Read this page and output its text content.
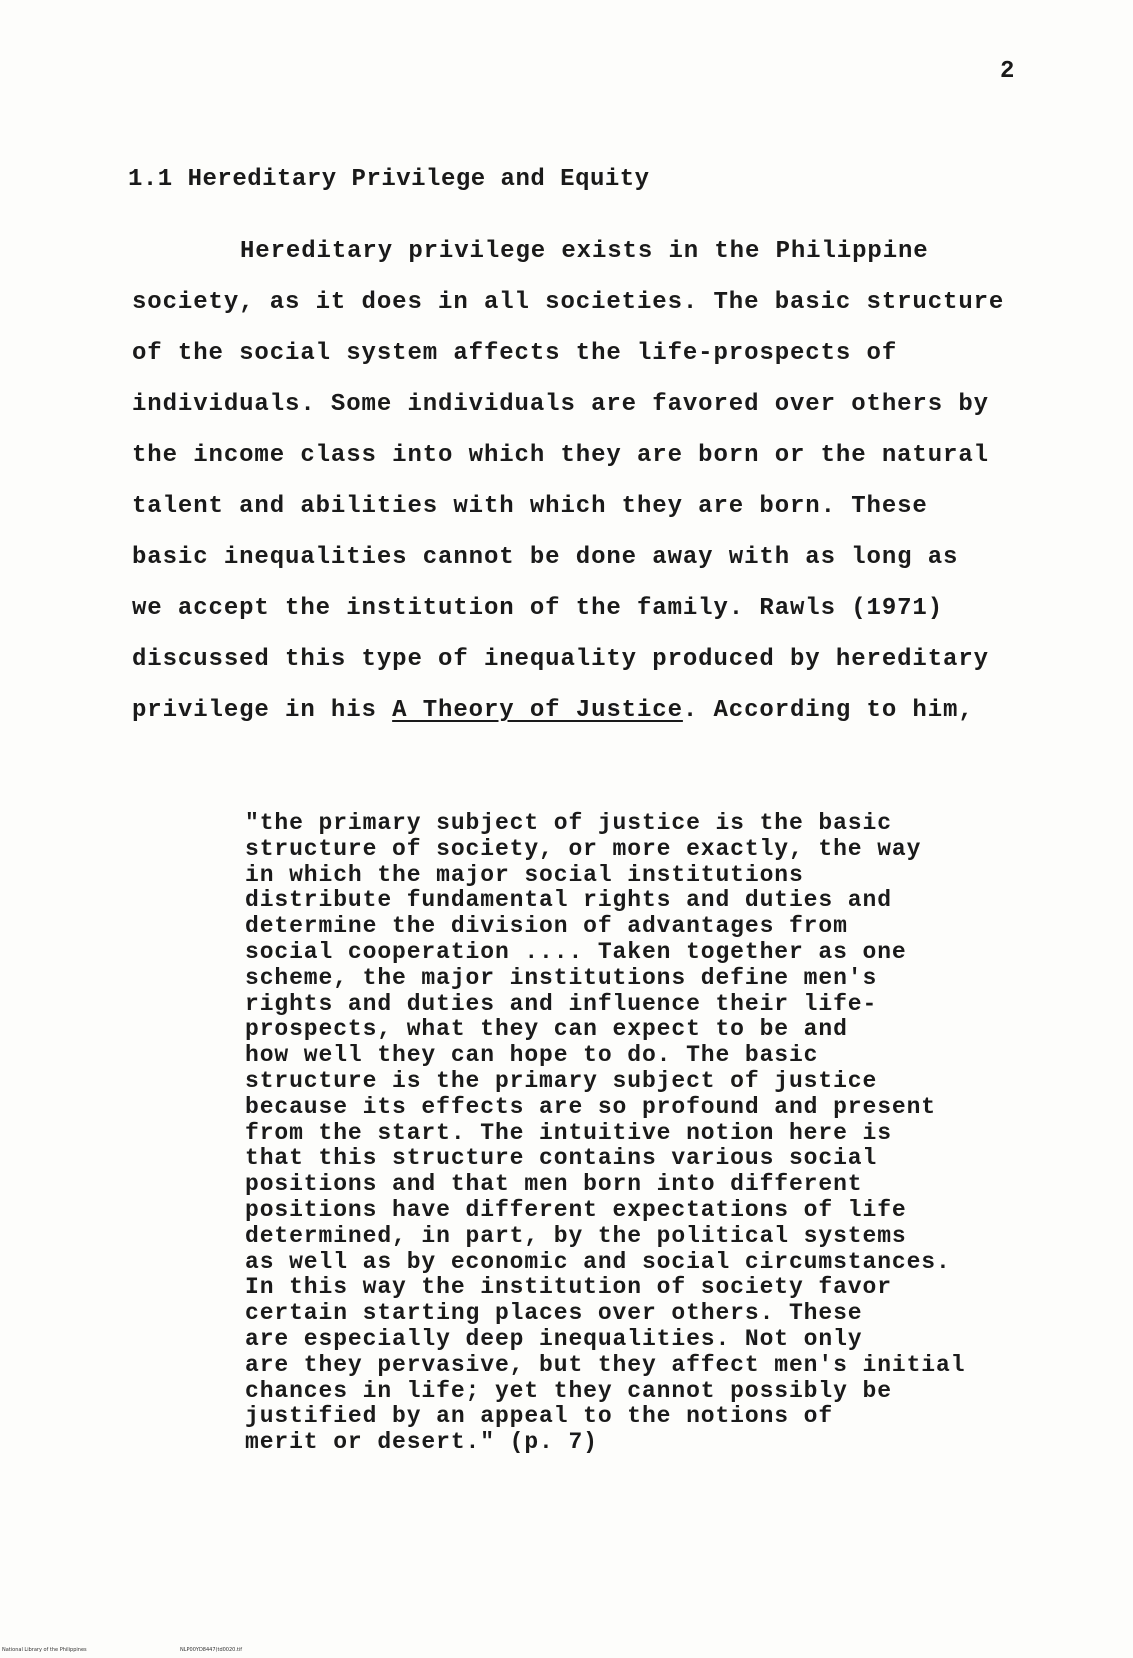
2
1.1 Hereditary Privilege and Equity
Hereditary privilege exists in the Philippine
society, as it does in all societies. The basic structure
of the social system affects the life-prospects of
individuals. Some individuals are favored over others by
the income class into which they are born or the natural
talent and abilities with which they are born. These
basic inequalities cannot be done away with as long as
we accept the institution of the family. Rawls (1971)
discussed this type of inequality produced by hereditary
privilege in his A Theory of Justice. According to him,
"the primary subject of justice is the basic
structure of society, or more exactly, the way
in which the major social institutions
distribute fundamental rights and duties and
determine the division of advantages from
social cooperation .... Taken together as one
scheme, the major institutions define men's
rights and duties and influence their life-
prospects, what they can expect to be and
how well they can hope to do. The basic
structure is the primary subject of justice
because its effects are so profound and present
from the start. The intuitive notion here is
that this structure contains various social
positions and that men born into different
positions have different expectations of life
determined, in part, by the political systems
as well as by economic and social circumstances.
In this way the institution of society favor
certain starting places over others. These
are especially deep inequalities. Not only
are they pervasive, but they affect men's initial
chances in life; yet they cannot possibly be
justified by an appeal to the notions of
merit or desert." (p. 7)
National Library of the Philippines	NLP00YD8447(td0020.tif
